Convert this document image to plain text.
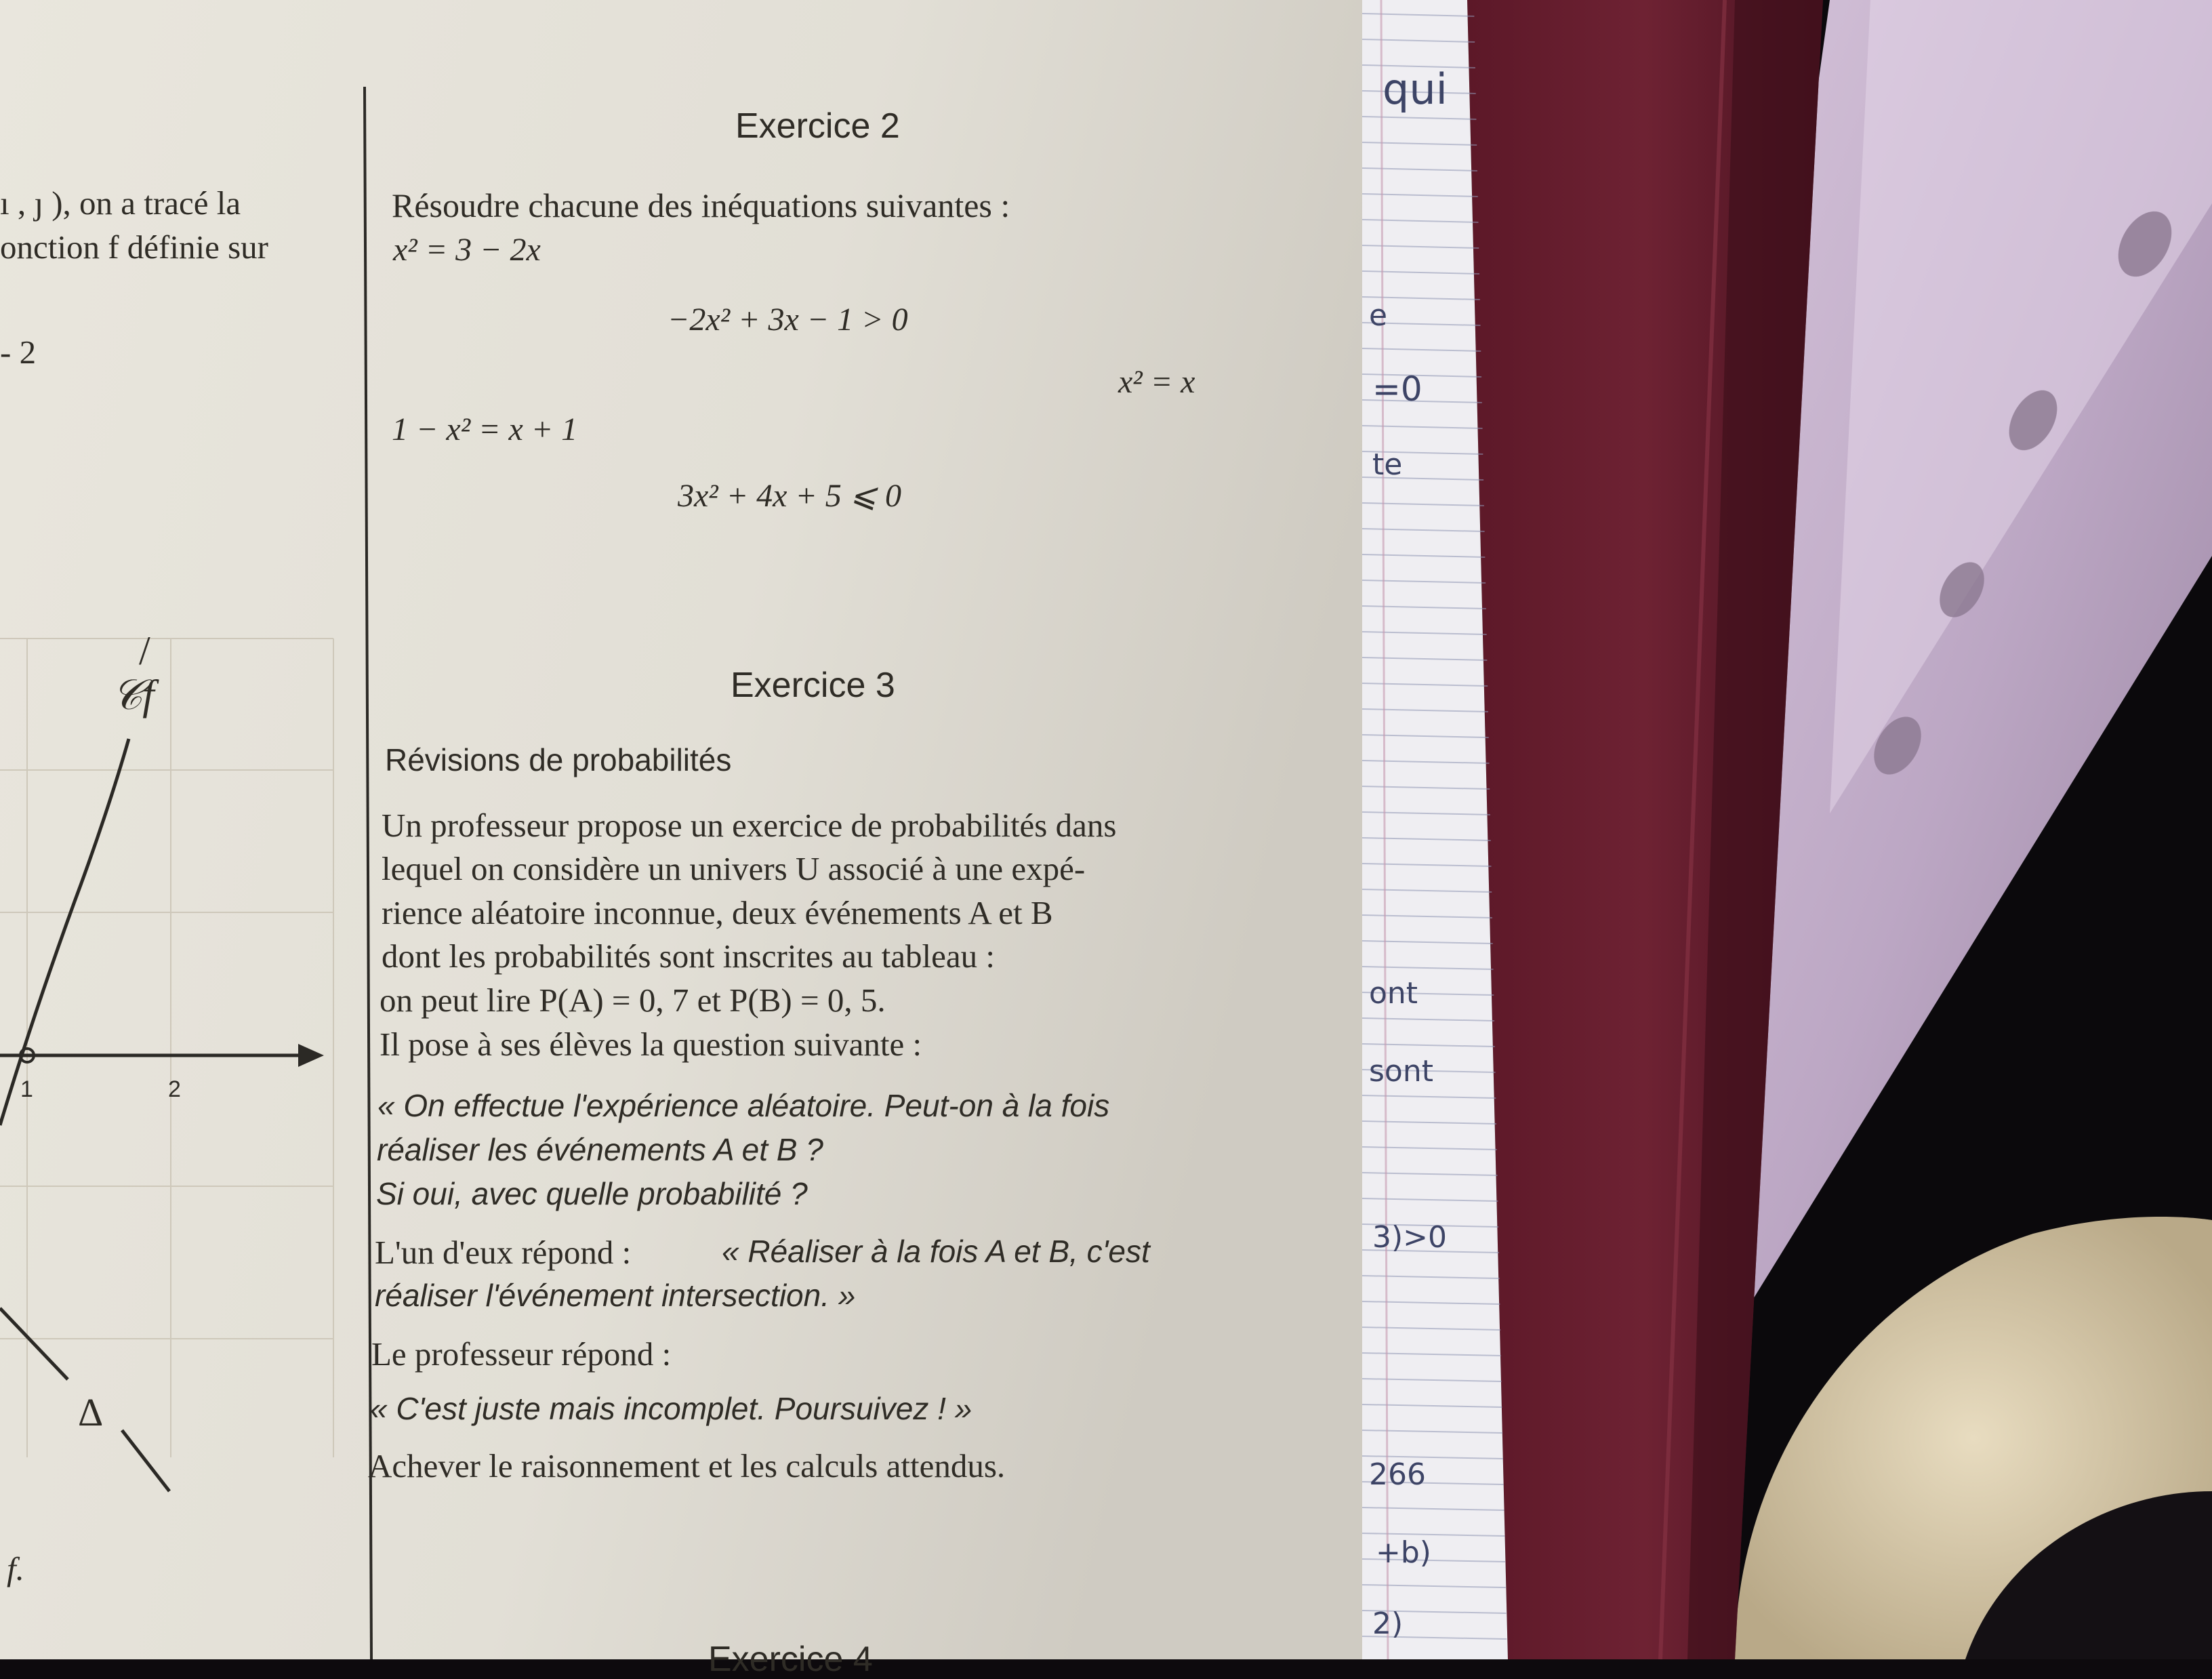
ı , ȷ ), on a tracé la
onction f définie sur
- 2
/
𝒞f
1	2
Δ
f.
Exercice 2
Résoudre chacune des inéquations suivantes :
x² = 3 − 2x
−2x² + 3x − 1 > 0
x² = x
1 − x² = x + 1
3x² + 4x + 5 ⩽ 0
Exercice 3
Révisions de probabilités
Un professeur propose un exercice de probabilités dans
lequel on considère un univers U associé à une expé-
rience aléatoire inconnue, deux événements A et B
dont les probabilités sont inscrites au tableau :
on peut lire P(A) = 0, 7 et P(B) = 0, 5.
Il pose à ses élèves la question suivante :
« On effectue l'expérience aléatoire. Peut-on à la fois
réaliser les événements A et B ?
Si oui, avec quelle probabilité ?
L'un d'eux répond :	« Réaliser à la fois A et B, c'est
réaliser l'événement intersection. »
Le professeur répond :
« C'est juste mais incomplet. Poursuivez ! »
Achever le raisonnement et les calculs attendus.
Exercice 4
qui
e
=0
te
ont
sont
3)>0
266
+b)
2)
